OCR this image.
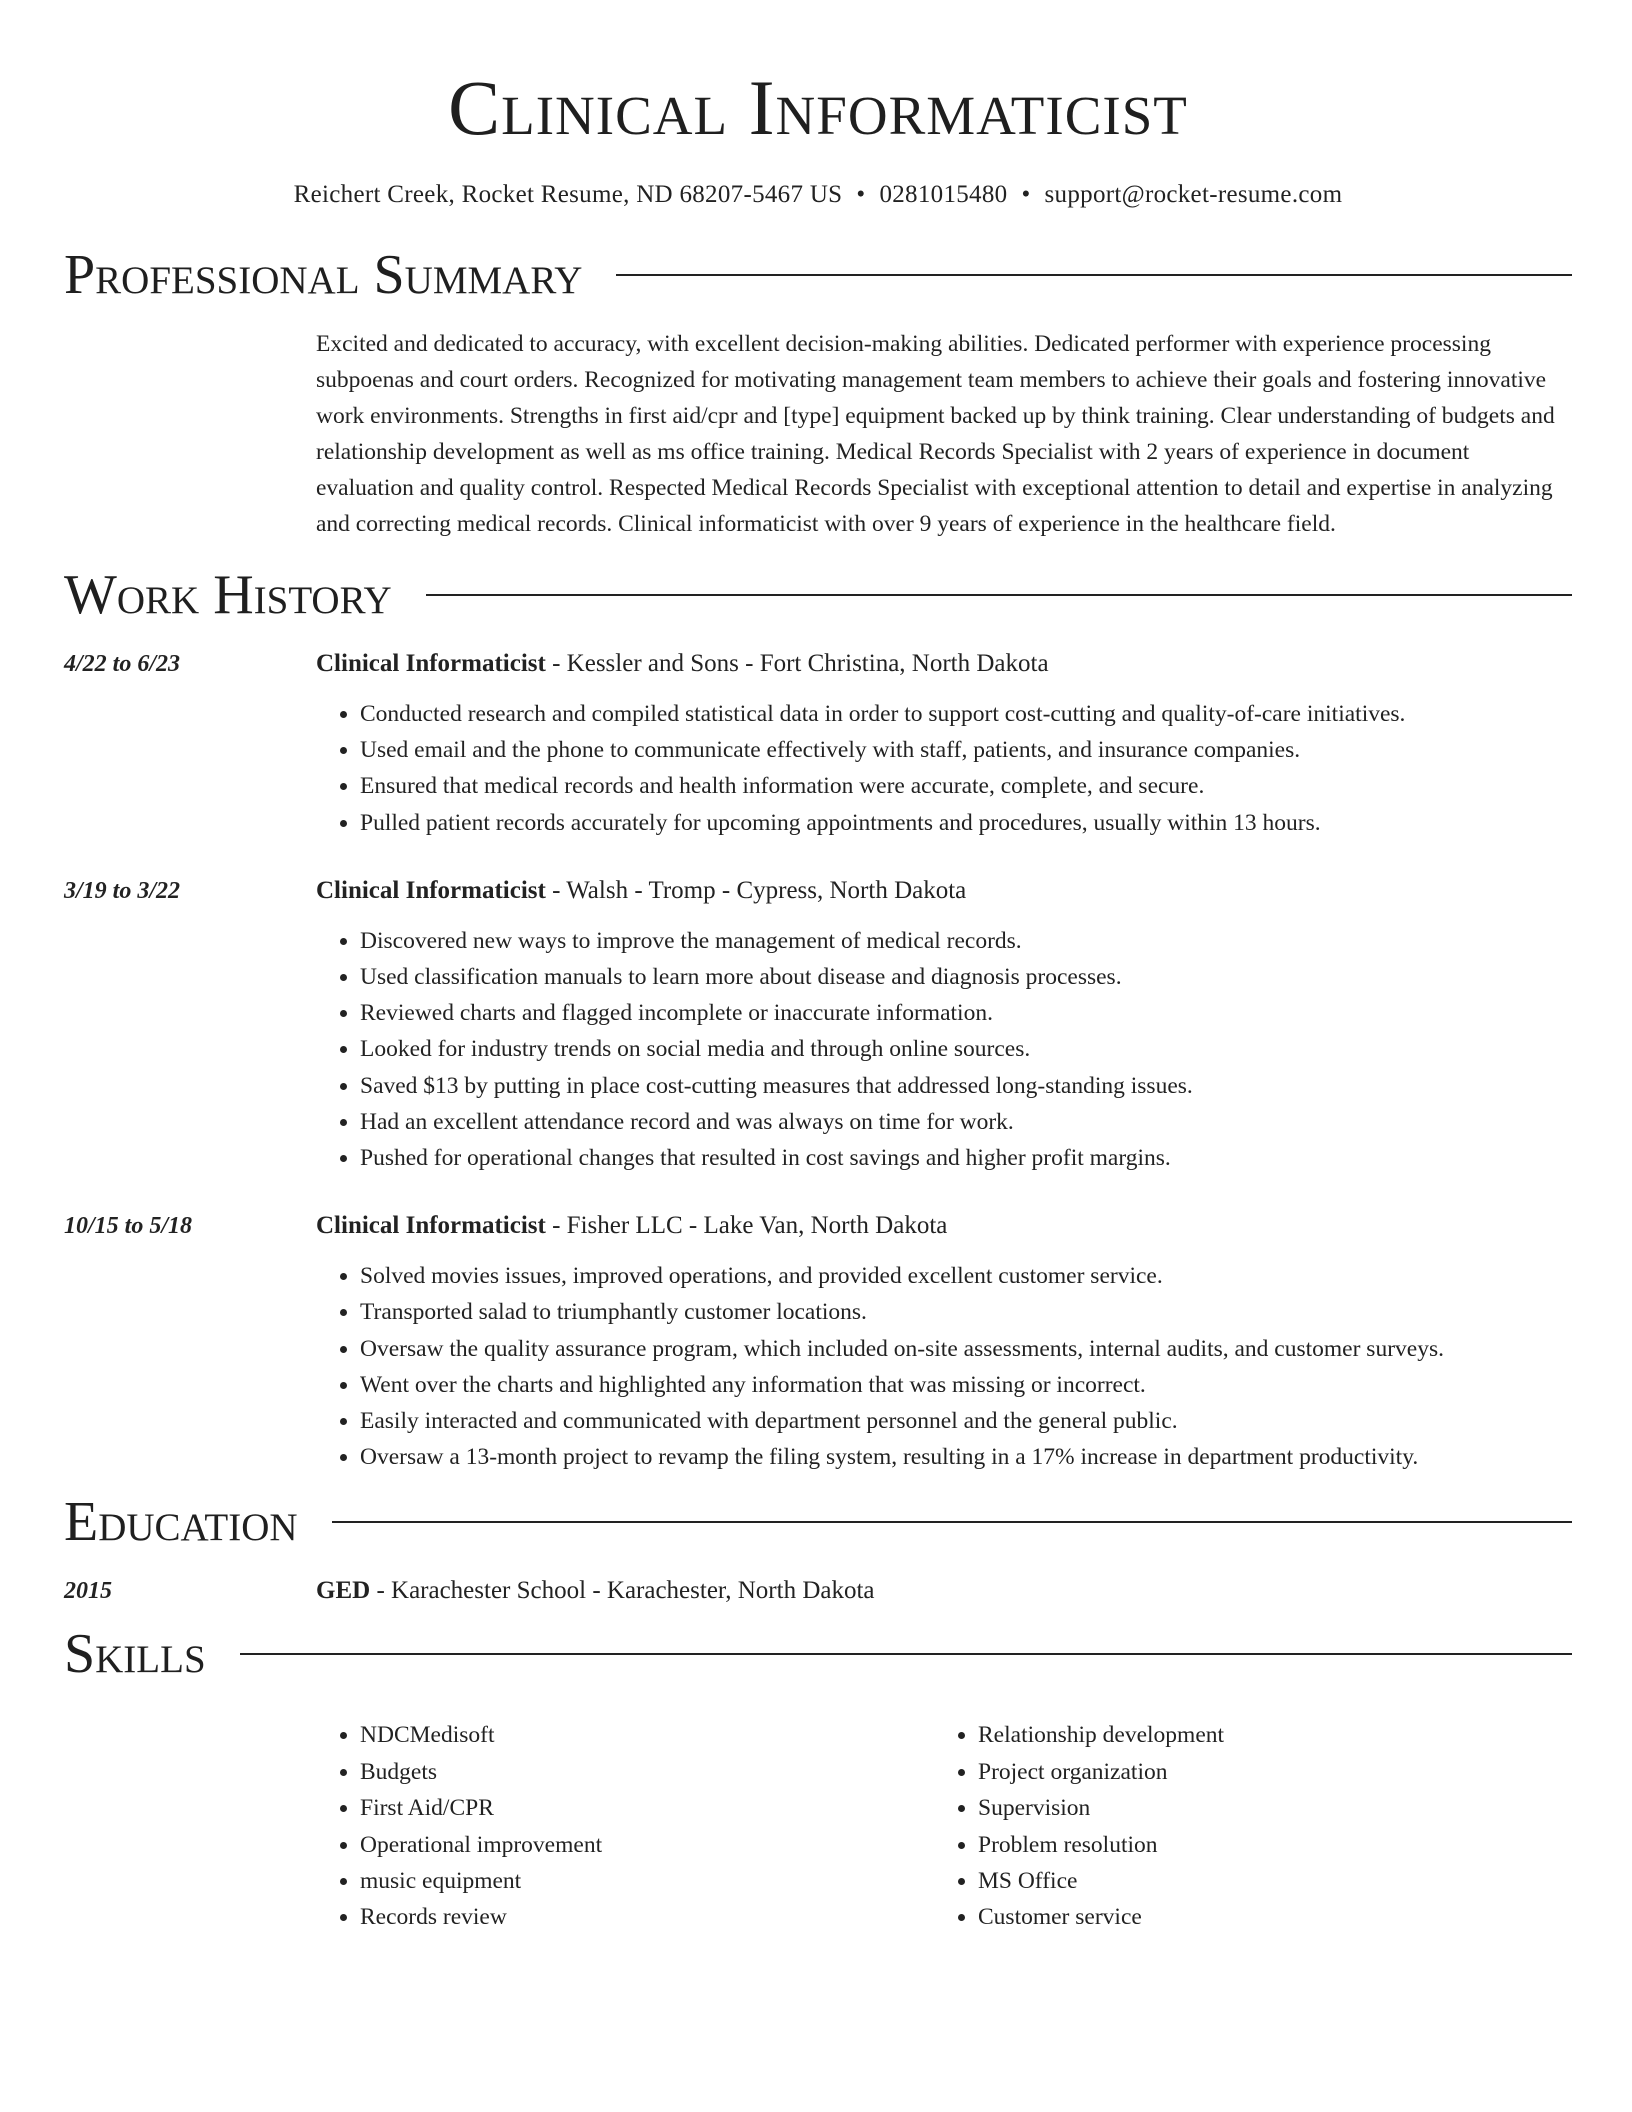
Clinical Informaticist
Reichert Creek, Rocket Resume, ND 68207-5467 US • 0281015480 • support@rocket-resume.com
Professional Summary
Excited and dedicated to accuracy, with excellent decision-making abilities. Dedicated performer with experience processing subpoenas and court orders. Recognized for motivating management team members to achieve their goals and fostering innovative work environments. Strengths in first aid/cpr and [type] equipment backed up by think training. Clear understanding of budgets and relationship development as well as ms office training. Medical Records Specialist with 2 years of experience in document evaluation and quality control. Respected Medical Records Specialist with exceptional attention to detail and expertise in analyzing and correcting medical records. Clinical informaticist with over 9 years of experience in the healthcare field.
Work History
4/22 to 6/23	Clinical Informaticist - Kessler and Sons - Fort Christina, North Dakota
• Conducted research and compiled statistical data in order to support cost-cutting and quality-of-care initiatives.
• Used email and the phone to communicate effectively with staff, patients, and insurance companies.
• Ensured that medical records and health information were accurate, complete, and secure.
• Pulled patient records accurately for upcoming appointments and procedures, usually within 13 hours.
3/19 to 3/22	Clinical Informaticist - Walsh - Tromp - Cypress, North Dakota
• Discovered new ways to improve the management of medical records.
• Used classification manuals to learn more about disease and diagnosis processes.
• Reviewed charts and flagged incomplete or inaccurate information.
• Looked for industry trends on social media and through online sources.
• Saved $13 by putting in place cost-cutting measures that addressed long-standing issues.
• Had an excellent attendance record and was always on time for work.
• Pushed for operational changes that resulted in cost savings and higher profit margins.
10/15 to 5/18	Clinical Informaticist - Fisher LLC - Lake Van, North Dakota
• Solved movies issues, improved operations, and provided excellent customer service.
• Transported salad to triumphantly customer locations.
• Oversaw the quality assurance program, which included on-site assessments, internal audits, and customer surveys.
• Went over the charts and highlighted any information that was missing or incorrect.
• Easily interacted and communicated with department personnel and the general public.
• Oversaw a 13-month project to revamp the filing system, resulting in a 17% increase in department productivity.
Education
2015	GED - Karachester School - Karachester, North Dakota
Skills
• NDCMedisoft
• Budgets
• First Aid/CPR
• Operational improvement
• music equipment
• Records review
• Relationship development
• Project organization
• Supervision
• Problem resolution
• MS Office
• Customer service
